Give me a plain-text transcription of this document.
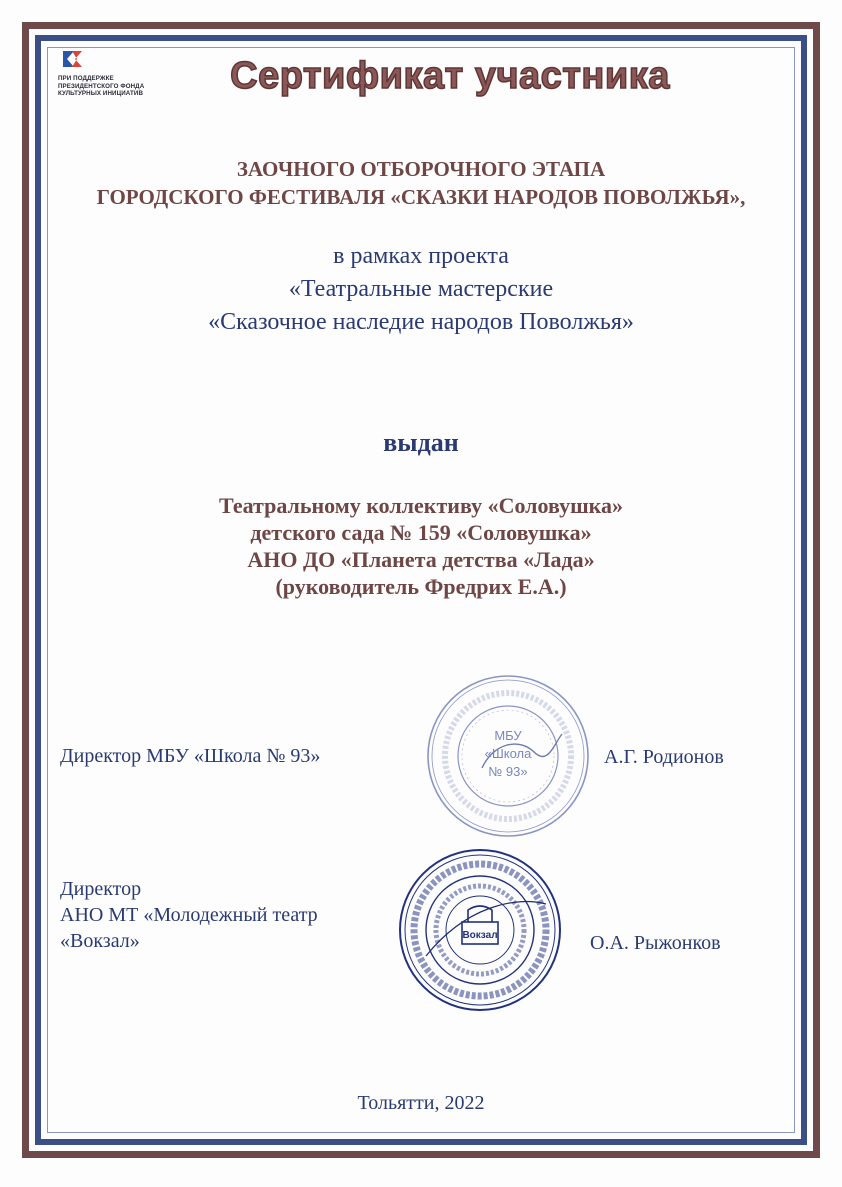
ПРИ ПОДДЕРЖКЕ
ПРЕЗИДЕНТСКОГО ФОНДА
КУЛЬТУРНЫХ ИНИЦИАТИВ	Сертификат участника
ЗАОЧНОГО ОТБОРОЧНОГО ЭТАПА
ГОРОДСКОГО ФЕСТИВАЛЯ «СКАЗКИ НАРОДОВ ПОВОЛЖЬЯ»,
в рамках проекта
«Театральные мастерские
«Сказочное наследие народов Поволжья»
выдан
Театральному коллективу «Соловушка»
детского сада № 159 «Соловушка»
АНО ДО «Планета детства «Лада»
(руководитель Фредрих Е.А.)
МБУ
«Школа
№ 93»
Директор МБУ «Школа № 93»	А.Г. Родионов
Вокзал
Директор
АНО МТ «Молодежный театр
«Вокзал»	О.А. Рыжонков
Тольятти, 2022
